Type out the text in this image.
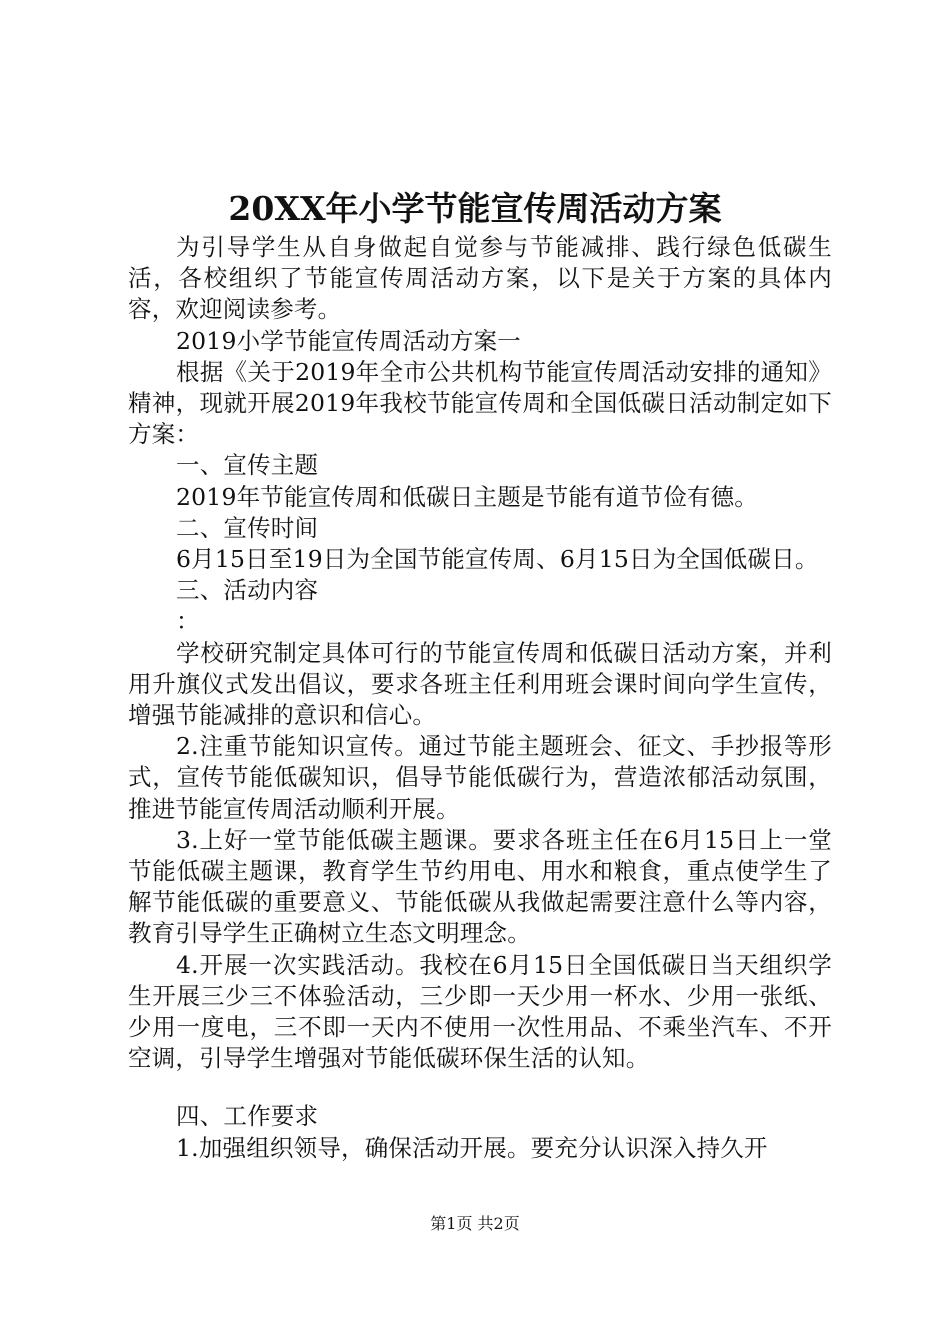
20XX年小学节能宣传周活动方案

为引导学生从自身做起自觉参与节能减排、践行绿色低碳生活，各校组织了节能宣传周活动方案，以下是关于方案的具体内容，欢迎阅读参考。

2019小学节能宣传周活动方案一

根据《关于2019年全市公共机构节能宣传周活动安排的通知》精神，现就开展2019年我校节能宣传周和全国低碳日活动制定如下方案：

一、宣传主题

2019年节能宣传周和低碳日主题是节能有道节俭有德。

二、宣传时间

6月15日至19日为全国节能宣传周、6月15日为全国低碳日。

三、活动内容

：

学校研究制定具体可行的节能宣传周和低碳日活动方案，并利用升旗仪式发出倡议，要求各班主任利用班会课时间向学生宣传，增强节能减排的意识和信心。

2.注重节能知识宣传。通过节能主题班会、征文、手抄报等形式，宣传节能低碳知识，倡导节能低碳行为，营造浓郁活动氛围，推进节能宣传周活动顺利开展。

3.上好一堂节能低碳主题课。要求各班主任在6月15日上一堂节能低碳主题课，教育学生节约用电、用水和粮食，重点使学生了解节能低碳的重要意义、节能低碳从我做起需要注意什么等内容，教育引导学生正确树立生态文明理念。

4.开展一次实践活动。我校在6月15日全国低碳日当天组织学生开展三少三不体验活动，三少即一天少用一杯水、少用一张纸、少用一度电，三不即一天内不使用一次性用品、不乘坐汽车、不开空调，引导学生增强对节能低碳环保生活的认知。

四、工作要求

1.加强组织领导，确保活动开展。要充分认识深入持久开

第1页 共2页
